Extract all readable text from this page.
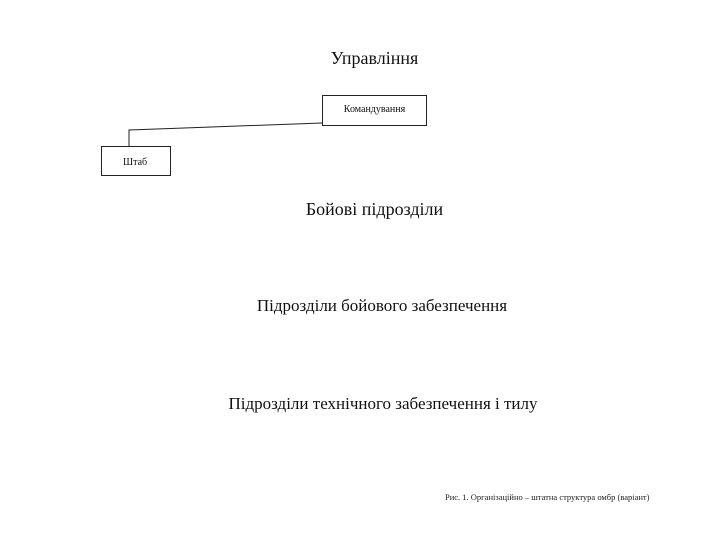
Управління
Командування
Штаб
Бойові підрозділи
Підрозділи бойового забезпечення
Підрозділи технічного забезпечення і тилу
Рис. 1. Організаційно – штатна структура омбр (варіант)
